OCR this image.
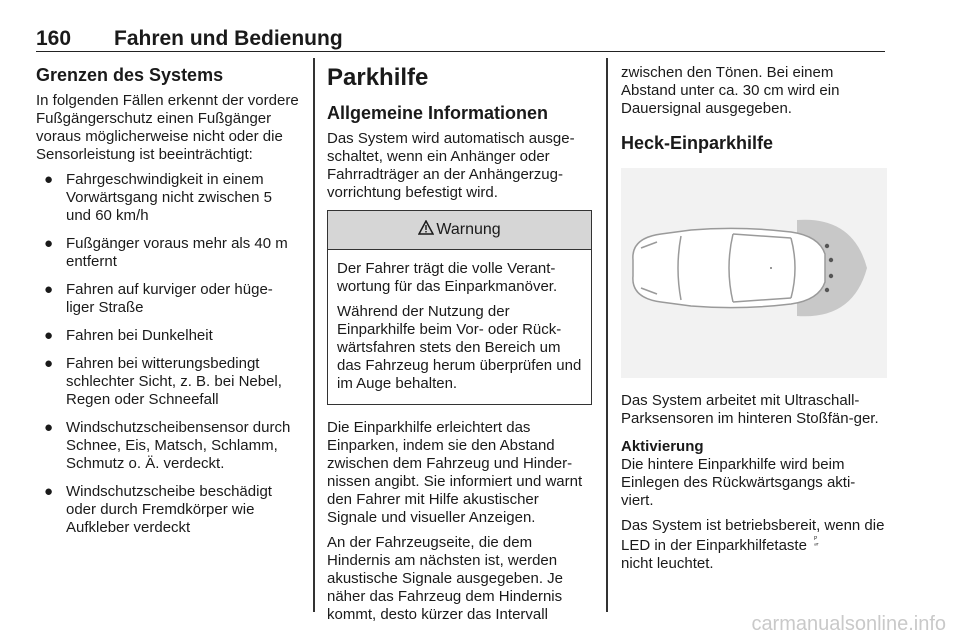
160 Fahren und Bedienung
Grenzen des Systems

In folgenden Fällen erkennt der vordere Fußgängerschutz einen Fußgänger voraus möglicherweise nicht oder die Sensorleistung ist beeinträchtigt:

● Fahrgeschwindigkeit in einem Vorwärtsgang nicht zwischen 5 und 60 km/h
● Fußgänger voraus mehr als 40 m entfernt
● Fahren auf kurviger oder hüge-liger Straße
● Fahren bei Dunkelheit
● Fahren bei witterungsbedingt schlechter Sicht, z. B. bei Nebel, Regen oder Schneefall
● Windschutzscheibensensor durch Schnee, Eis, Matsch, Schlamm, Schmutz o. Ä. verdeckt.
● Windschutzscheibe beschädigt oder durch Fremdkörper wie Aufkleber verdeckt
Parkhilfe
Allgemeine Informationen

Das System wird automatisch ausge-schaltet, wenn ein Anhänger oder Fahrradträger an der Anhängerzug-vorrichtung befestigt wird.

Warnung

Der Fahrer trägt die volle Verant-wortung für das Einparkmanöver.

Während der Nutzung der Einparkhilfe beim Vor- oder Rück-wärtsfahren stets den Bereich um das Fahrzeug herum überprüfen und im Auge behalten.

Die Einparkhilfe erleichtert das Einparken, indem sie den Abstand zwischen dem Fahrzeug und Hinder-nissen angibt. Sie informiert und warnt den Fahrer mit Hilfe akustischer Signale und visueller Anzeigen.

An der Fahrzeugseite, die dem Hindernis am nächsten ist, werden akustische Signale ausgegeben. Je näher das Fahrzeug dem Hindernis kommt, desto kürzer das Intervall

zwischen den Tönen. Bei einem Abstand unter ca. 30 cm wird ein Dauersignal ausgegeben.

Heck-Einparkhilfe

Das System arbeitet mit Ultraschall-Parksensoren im hinteren Stoßfän-ger.

Aktivierung

Die hintere Einparkhilfe wird beim Einlegen des Rückwärtsgangs akti-viert.

Das System ist betriebsbereit, wenn die LED in der Einparkhilfetaste P
off

nicht leuchtet.

carmanualsonline.info
